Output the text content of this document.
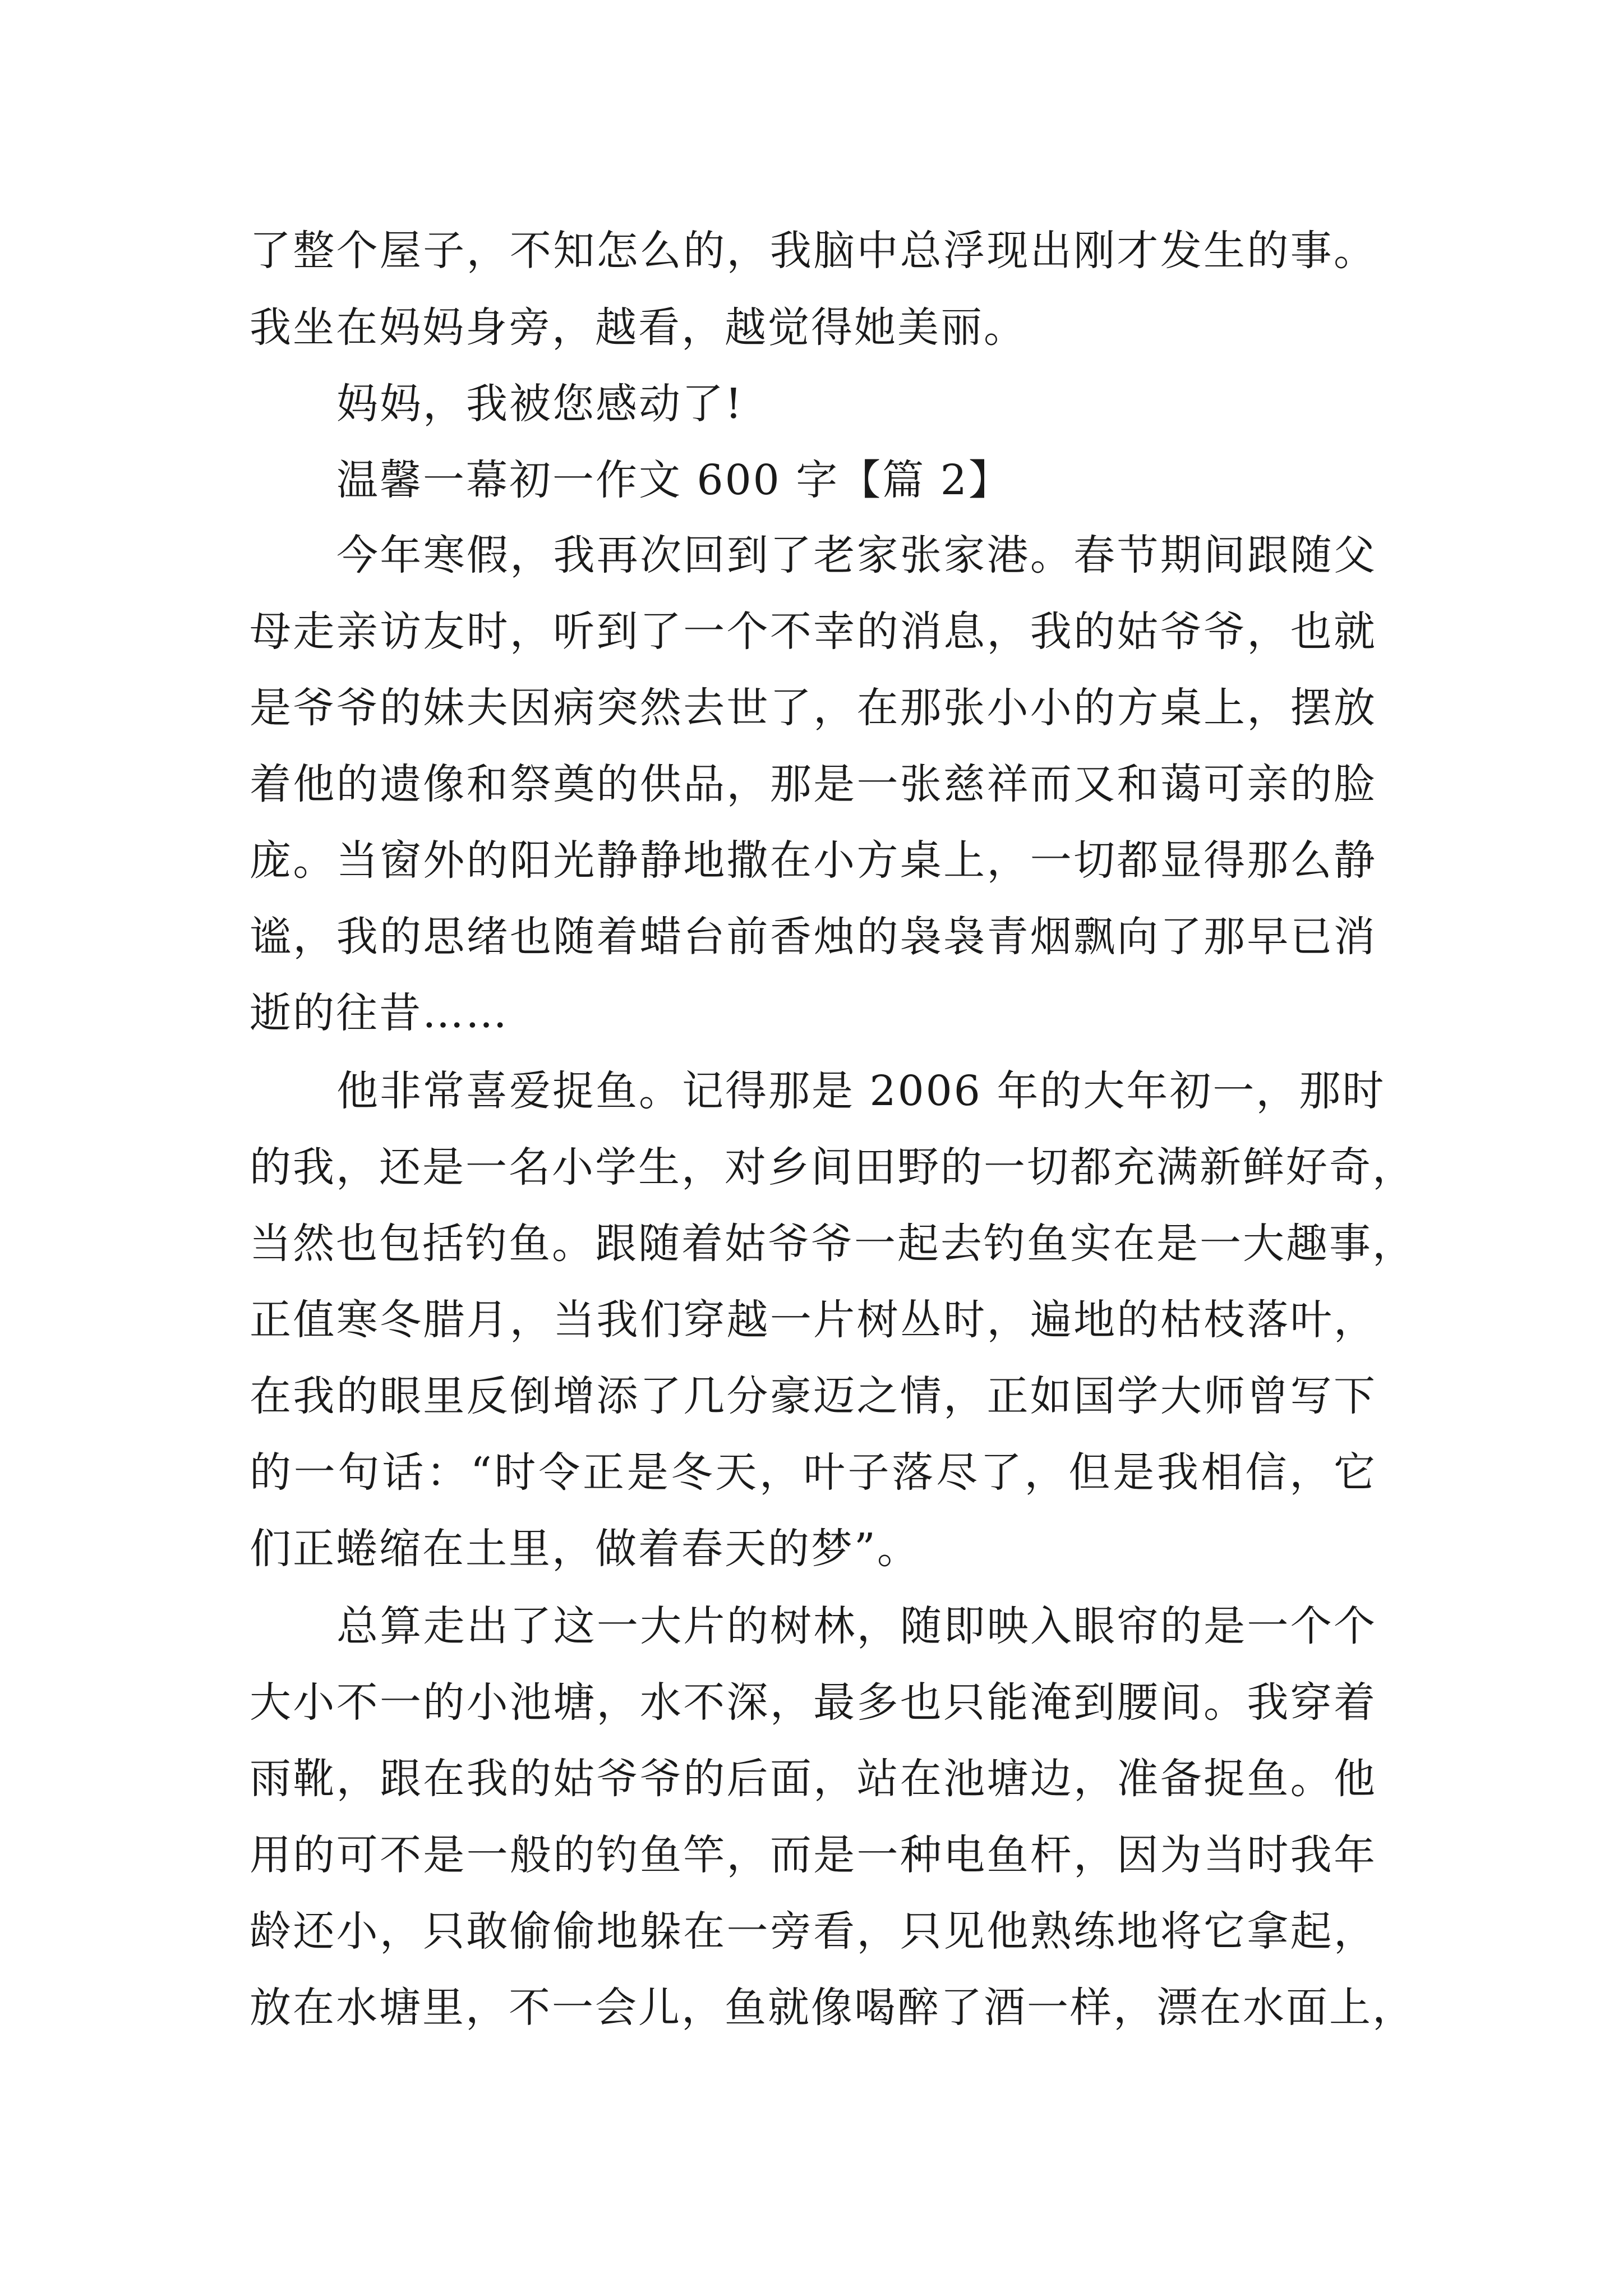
了整个屋子，不知怎么的，我脑中总浮现出刚才发生的事。
我坐在妈妈身旁，越看，越觉得她美丽。
妈妈，我被您感动了!
温馨一幕初一作文 600 字【篇 2】
今年寒假，我再次回到了老家张家港。春节期间跟随父
母走亲访友时，听到了一个不幸的消息，我的姑爷爷，也就
是爷爷的妹夫因病突然去世了，在那张小小的方桌上，摆放
着他的遗像和祭奠的供品，那是一张慈祥而又和蔼可亲的脸
庞。当窗外的阳光静静地撒在小方桌上，一切都显得那么静
谧，我的思绪也随着蜡台前香烛的袅袅青烟飘向了那早已消
逝的往昔……
他非常喜爱捉鱼。记得那是 2006 年的大年初一，那时
的我，还是一名小学生，对乡间田野的一切都充满新鲜好奇，
当然也包括钓鱼。跟随着姑爷爷一起去钓鱼实在是一大趣事，
正值寒冬腊月，当我们穿越一片树丛时，遍地的枯枝落叶，
在我的眼里反倒增添了几分豪迈之情，正如国学大师曾写下
的一句话：“时令正是冬天，叶子落尽了，但是我相信，它
们正蜷缩在土里，做着春天的梦”。
总算走出了这一大片的树林，随即映入眼帘的是一个个
大小不一的小池塘，水不深，最多也只能淹到腰间。我穿着
雨靴，跟在我的姑爷爷的后面，站在池塘边，准备捉鱼。他
用的可不是一般的钓鱼竿，而是一种电鱼杆，因为当时我年
龄还小，只敢偷偷地躲在一旁看，只见他熟练地将它拿起，
放在水塘里，不一会儿，鱼就像喝醉了酒一样，漂在水面上，
